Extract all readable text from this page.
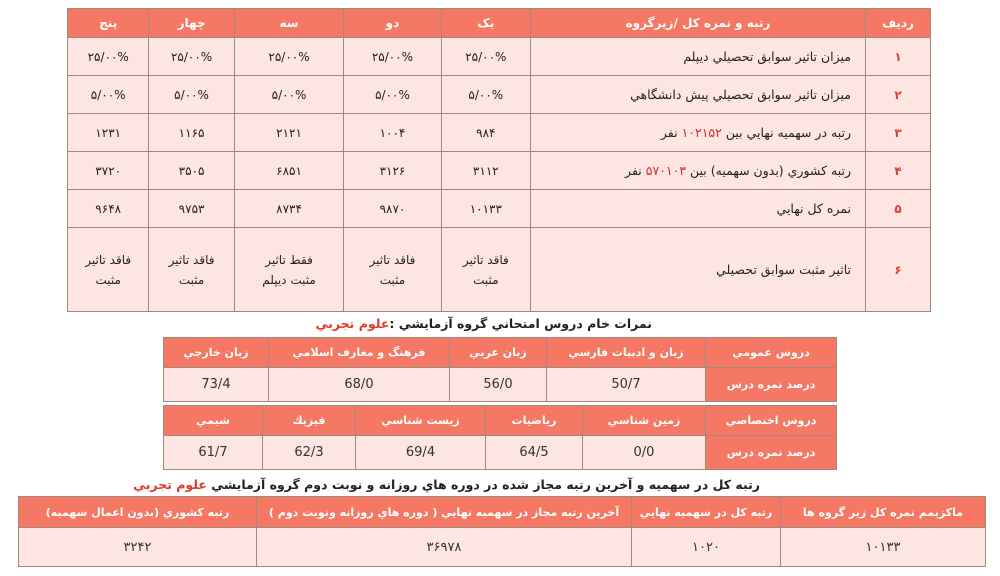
رديف	رتبه و نمره كل /زيرگروه	يک	دو	سه	چهار	پنج
۱	ميزان تاثير سوابق تحصيلي ديپلم	۲۵/۰۰%	۲۵/۰۰%	۲۵/۰۰%	۲۵/۰۰%	۲۵/۰۰%
۲	ميزان تاثير سوابق تحصيلي پيش دانشگاهي	۵/۰۰%	۵/۰۰%	۵/۰۰%	۵/۰۰%	۵/۰۰%
۳	رتبه در سهميه نهايي بين ۱۰۲۱۵۲ نفر	۹۸۴	۱۰۰۴	۲۱۲۱	۱۱۶۵	۱۲۳۱
۴	رتبه كشوري (بدون سهميه) بين ۵۷۰۱۰۳ نفر	۳۱۱۲	۳۱۲۶	۶۸۵۱	۳۵۰۵	۳۷۲۰
۵	نمره كل نهايي	۱۰۱۳۳	۹۸۷۰	۸۷۳۴	۹۷۵۳	۹۶۴۸
۶	تاثير مثبت سوابق تحصيلي	فاقد تاثير مثبت	فاقد تاثير مثبت	فقط تاثير مثبت ديپلم	فاقد تاثير مثبت	فاقد تاثير مثبت
نمرات خام دروس امتحاني گروه آزمايشي :علوم تجربي
دروس عمومي	زبان و ادبيات فارسي	زبان عربي	فرهنگ و معارف اسلامي	زبان خارجي
درصد نمره درس	50/7	56/0	68/0	73/4
دروس اختصاصي	زمين شناسي	رياضيات	زيست شناسي	فيزيك	شيمي
درصد نمره درس	0/0	64/5	69/4	62/3	61/7
رتبه كل در سهميه و آخرين رتبه مجاز شده در دوره هاي روزانه و نوبت دوم گروه آزمايشي علوم تجربي
ماكزيمم نمره كل زير گروه ها	رتبه كل در سهميه نهايي	آخرين رتبه مجاز در سهميه نهايي ( دوره هاي روزانه ونوبت دوم )	رتبه كشوري (بدون اعمال سهميه)
۱۰۱۳۳	۱۰۲۰	۳۶۹۷۸	۳۲۴۲
